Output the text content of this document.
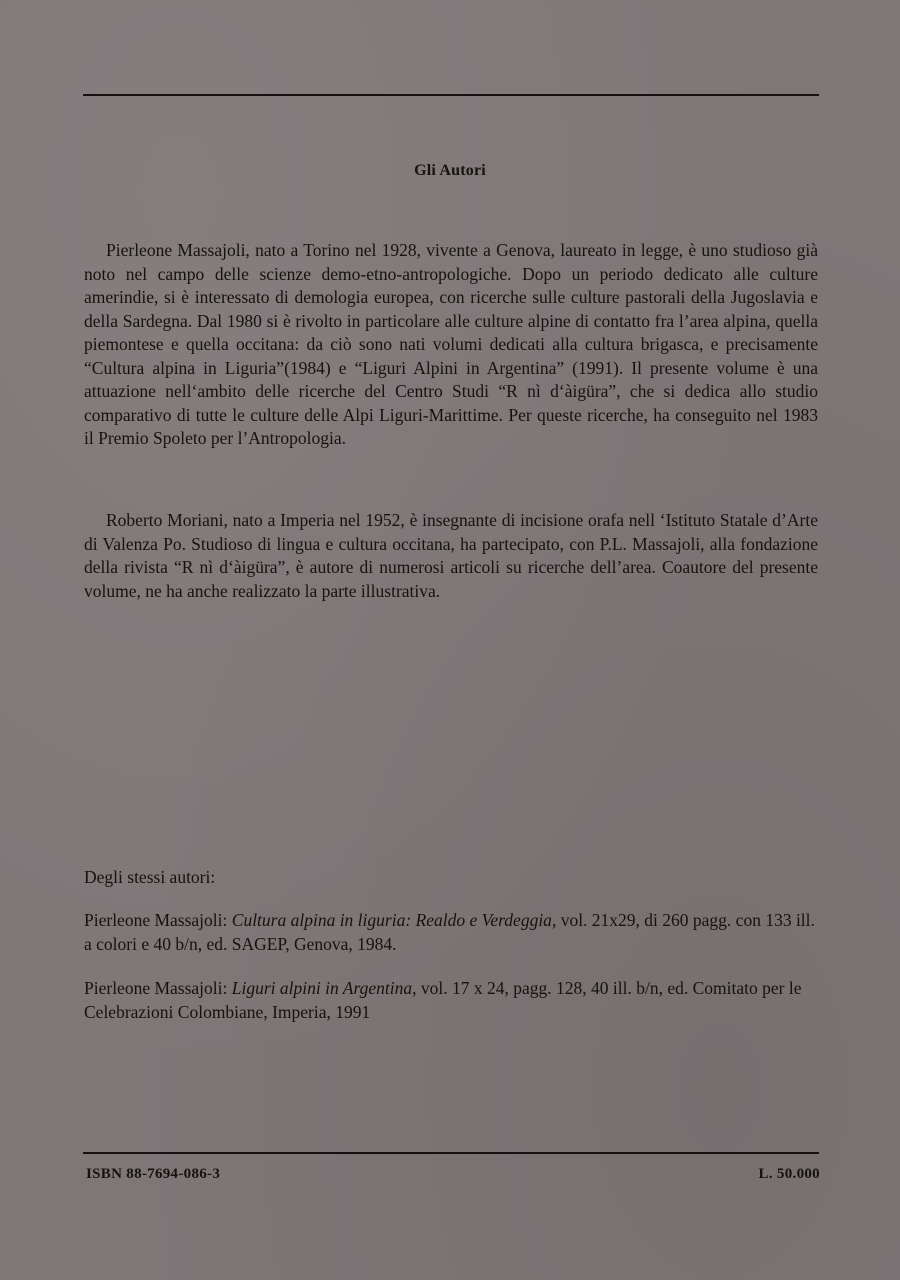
Gli Autori

Pierleone Massajoli, nato a Torino nel 1928, vivente a Genova, laureato in legge, è uno studioso già noto nel campo delle scienze demo-etno-antropologiche. Dopo un periodo dedicato alle culture amerindie, si è interessato di demologia europea, con ricerche sulle culture pastorali della Jugoslavia e della Sardegna. Dal 1980 si è rivolto in particolare alle culture alpine di contatto fra l’area alpina, quella piemontese e quella occitana: da ciò sono nati volumi dedicati alla cultura brigasca, e precisamente “Cultura alpina in Liguria”(1984) e “Liguri Alpini in Argentina” (1991). Il presente volume è una attuazione nell‘ambito delle ricerche del Centro Studi “R nì d‘àigüra”, che si dedica allo studio comparativo di tutte le culture delle Alpi Liguri-Marittime. Per queste ricerche, ha conseguito nel 1983 il Premio Spoleto per l’Antropologia.

Roberto Moriani, nato a Imperia nel 1952, è insegnante di incisione orafa nell ‘Istituto Statale d’Arte di Valenza Po. Studioso di lingua e cultura occitana, ha partecipato, con P.L. Massajoli, alla fondazione della rivista “R nì d‘àigüra”, è autore di numerosi articoli su ricerche dell’area. Coautore del presente volume, ne ha anche realizzato la parte illustrativa.

Degli stessi autori:

Pierleone Massajoli: Cultura alpina in liguria: Realdo e Verdeggia, vol. 21x29, di 260 pagg. con 133 ill. a colori e 40 b/n, ed. SAGEP, Genova, 1984.

Pierleone Massajoli: Liguri alpini in Argentina, vol. 17 x 24, pagg. 128, 40 ill. b/n, ed. Comitato per le Celebrazioni Colombiane, Imperia, 1991

ISBN 88-7694-086-3	L. 50.000
